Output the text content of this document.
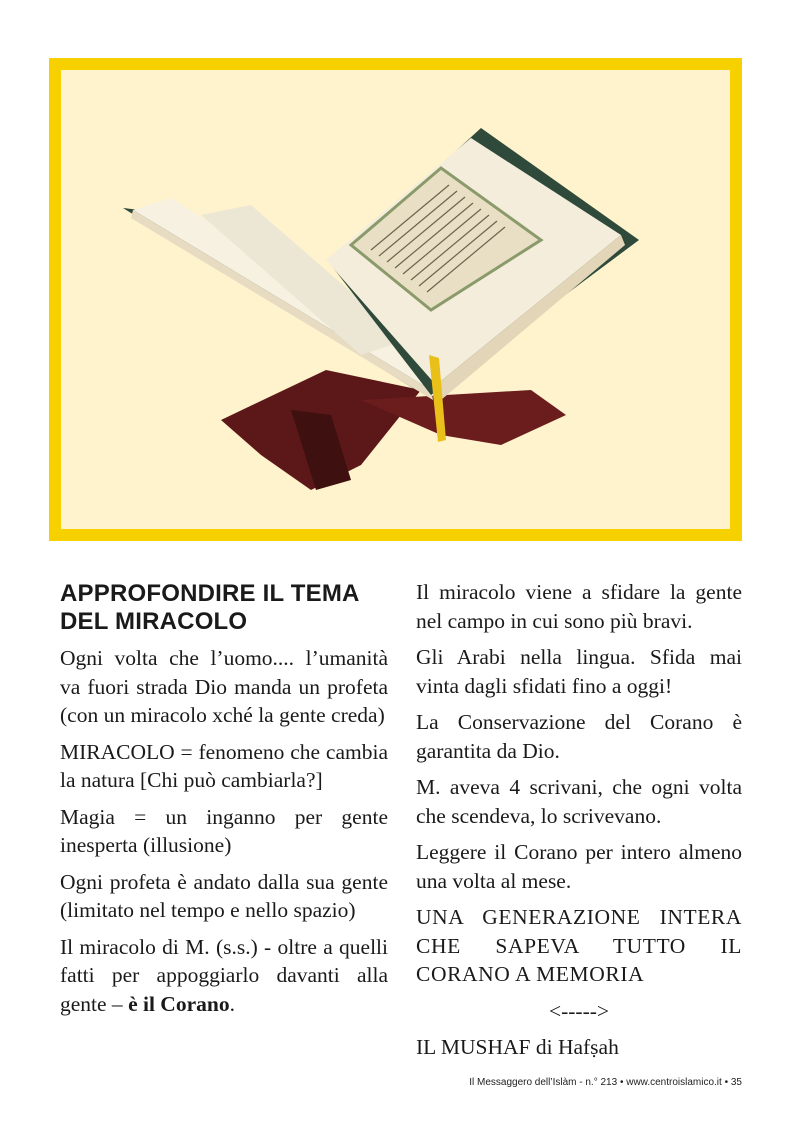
APPROFONDIRE IL TEMA
DEL MIRACOLO

Ogni volta che l’uomo.... l’umanità va fuori strada Dio manda un profeta (con un miracolo xché la gente creda)

MIRACOLO = fenomeno che cambia la natura [Chi può cambiarla?]

Magia = un inganno per gente inesperta (illusione)

Ogni profeta è andato dalla sua gente (limitato nel tempo e nello spazio)

Il miracolo di M. (s.s.) - oltre a quelli fatti per appoggiarlo davanti alla gente – è il Corano.

Il miracolo viene a sfidare la gente nel campo in cui sono più bravi.

Gli Arabi nella lingua. Sfida mai vinta dagli sfidati fino a oggi!

La Conservazione del Corano è garantita da Dio.

M. aveva 4 scrivani, che ogni volta che scendeva, lo scrivevano.

Leggere il Corano per intero almeno una volta al mese.

UNA GENERAZIONE INTERA CHE SAPEVA TUTTO IL CORANO A MEMORIA

<----->

IL MUSHAF di Hafṣah

Il Messaggero dell’Islàm - n.° 213 • www.centroislamico.it • 35
